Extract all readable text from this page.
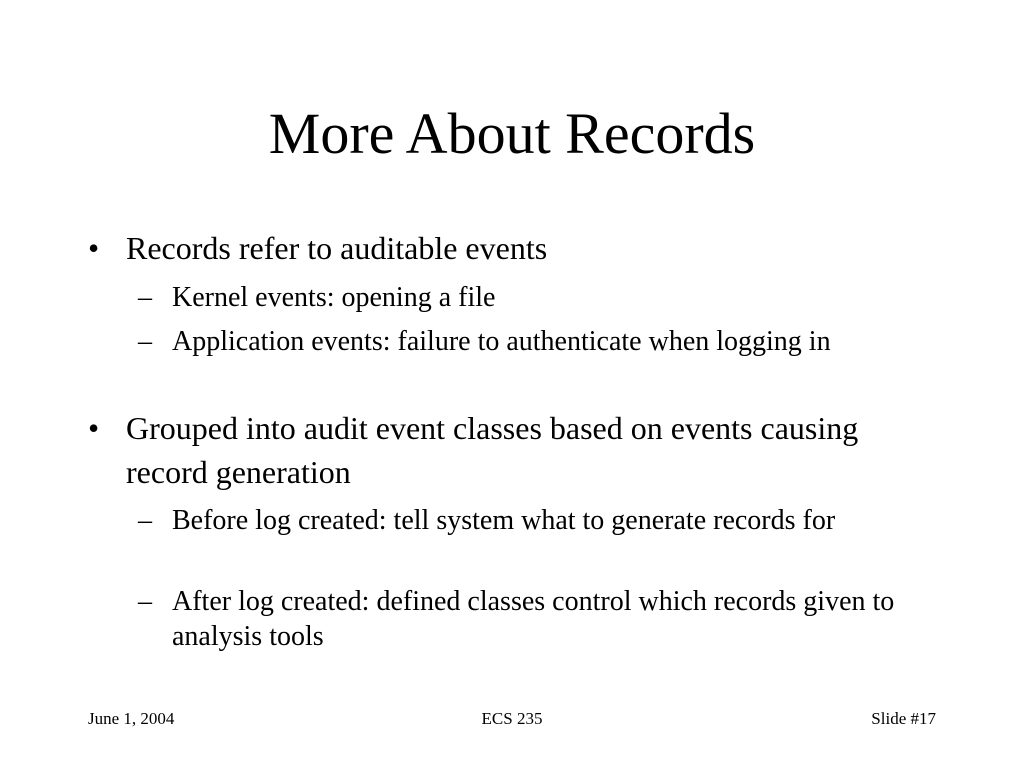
More About Records
• Records refer to auditable events
– Kernel events: opening a file
– Application events: failure to authenticate when logging in
• Grouped into audit event classes based on events causing record generation
– Before log created: tell system what to generate records for
– After log created: defined classes control which records given to analysis tools
June 1, 2004	ECS 235	Slide #17
